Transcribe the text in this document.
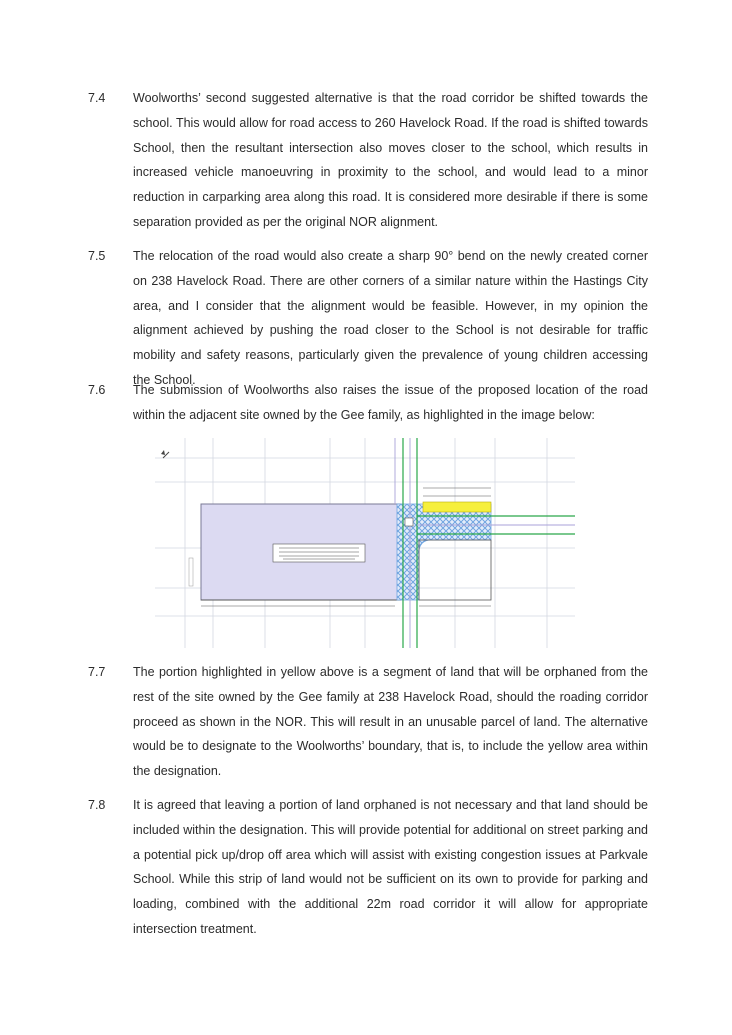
7.4 Woolworths’ second suggested alternative is that the road corridor be shifted towards the school. This would allow for road access to 260 Havelock Road. If the road is shifted towards School, then the resultant intersection also moves closer to the school, which results in increased vehicle manoeuvring in proximity to the school, and would lead to a minor reduction in carparking area along this road. It is considered more desirable if there is some separation provided as per the original NOR alignment.
7.5 The relocation of the road would also create a sharp 90° bend on the newly created corner on 238 Havelock Road. There are other corners of a similar nature within the Hastings City area, and I consider that the alignment would be feasible. However, in my opinion the alignment achieved by pushing the road closer to the School is not desirable for traffic mobility and safety reasons, particularly given the prevalence of young children accessing the School.
7.6 The submission of Woolworths also raises the issue of the proposed location of the road within the adjacent site owned by the Gee family, as highlighted in the image below:
7.7 The portion highlighted in yellow above is a segment of land that will be orphaned from the rest of the site owned by the Gee family at 238 Havelock Road, should the roading corridor proceed as shown in the NOR. This will result in an unusable parcel of land. The alternative would be to designate to the Woolworths’ boundary, that is, to include the yellow area within the designation.
7.8 It is agreed that leaving a portion of land orphaned is not necessary and that land should be included within the designation. This will provide potential for additional on street parking and a potential pick up/drop off area which will assist with existing congestion issues at Parkvale School. While this strip of land would not be sufficient on its own to provide for parking and loading, combined with the additional 22m road corridor it will allow for appropriate intersection treatment.
